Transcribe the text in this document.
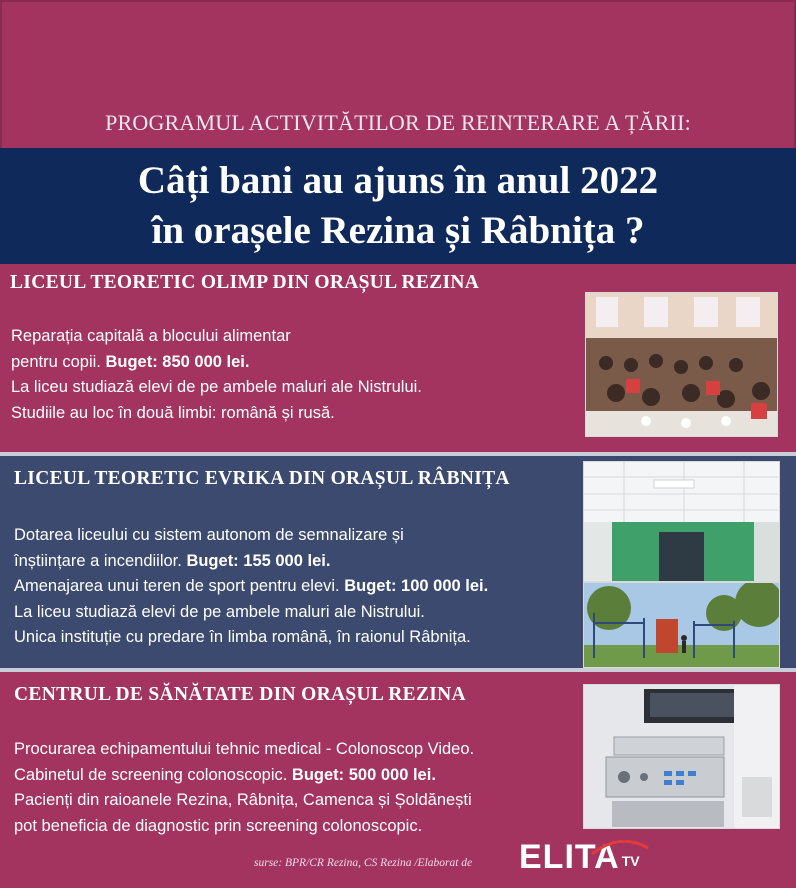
PROGRAMUL ACTIVITĂTILOR DE REINTERARE A ȚĂRII:
Câți bani au ajuns în anul 2022
în orașele Rezina și Râbnița ?
LICEUL TEORETIC OLIMP DIN ORAȘUL REZINA
Reparația capitală a blocului alimentar
pentru copii. Buget: 850 000 lei.
La liceu studiază elevi de pe ambele maluri ale Nistrului.
Studiile au loc în două limbi: română și rusă.
LICEUL TEORETIC EVRIKA DIN ORAȘUL RÂBNIȚA
Dotarea liceului cu sistem autonom de semnalizare și
înștiințare a incendiilor. Buget: 155 000 lei.
Amenajarea unui teren de sport pentru elevi. Buget: 100 000 lei.
La liceu studiază elevi de pe ambele maluri ale Nistrului.
Unica instituție cu predare în limba română, în raionul Râbnița.
CENTRUL DE SĂNĂTATE DIN ORAȘUL REZINA
Procurarea echipamentului tehnic medical - Colonoscop Video.
Cabinetul de screening colonoscopic. Buget: 500 000 lei.
Pacienți din raioanele Rezina, Râbnița, Camenca și Șoldănești
pot beneficia de diagnostic prin screening colonoscopic.
surse: BPR/CR Rezina, CS Rezina /Elaborat de ELITA TV
